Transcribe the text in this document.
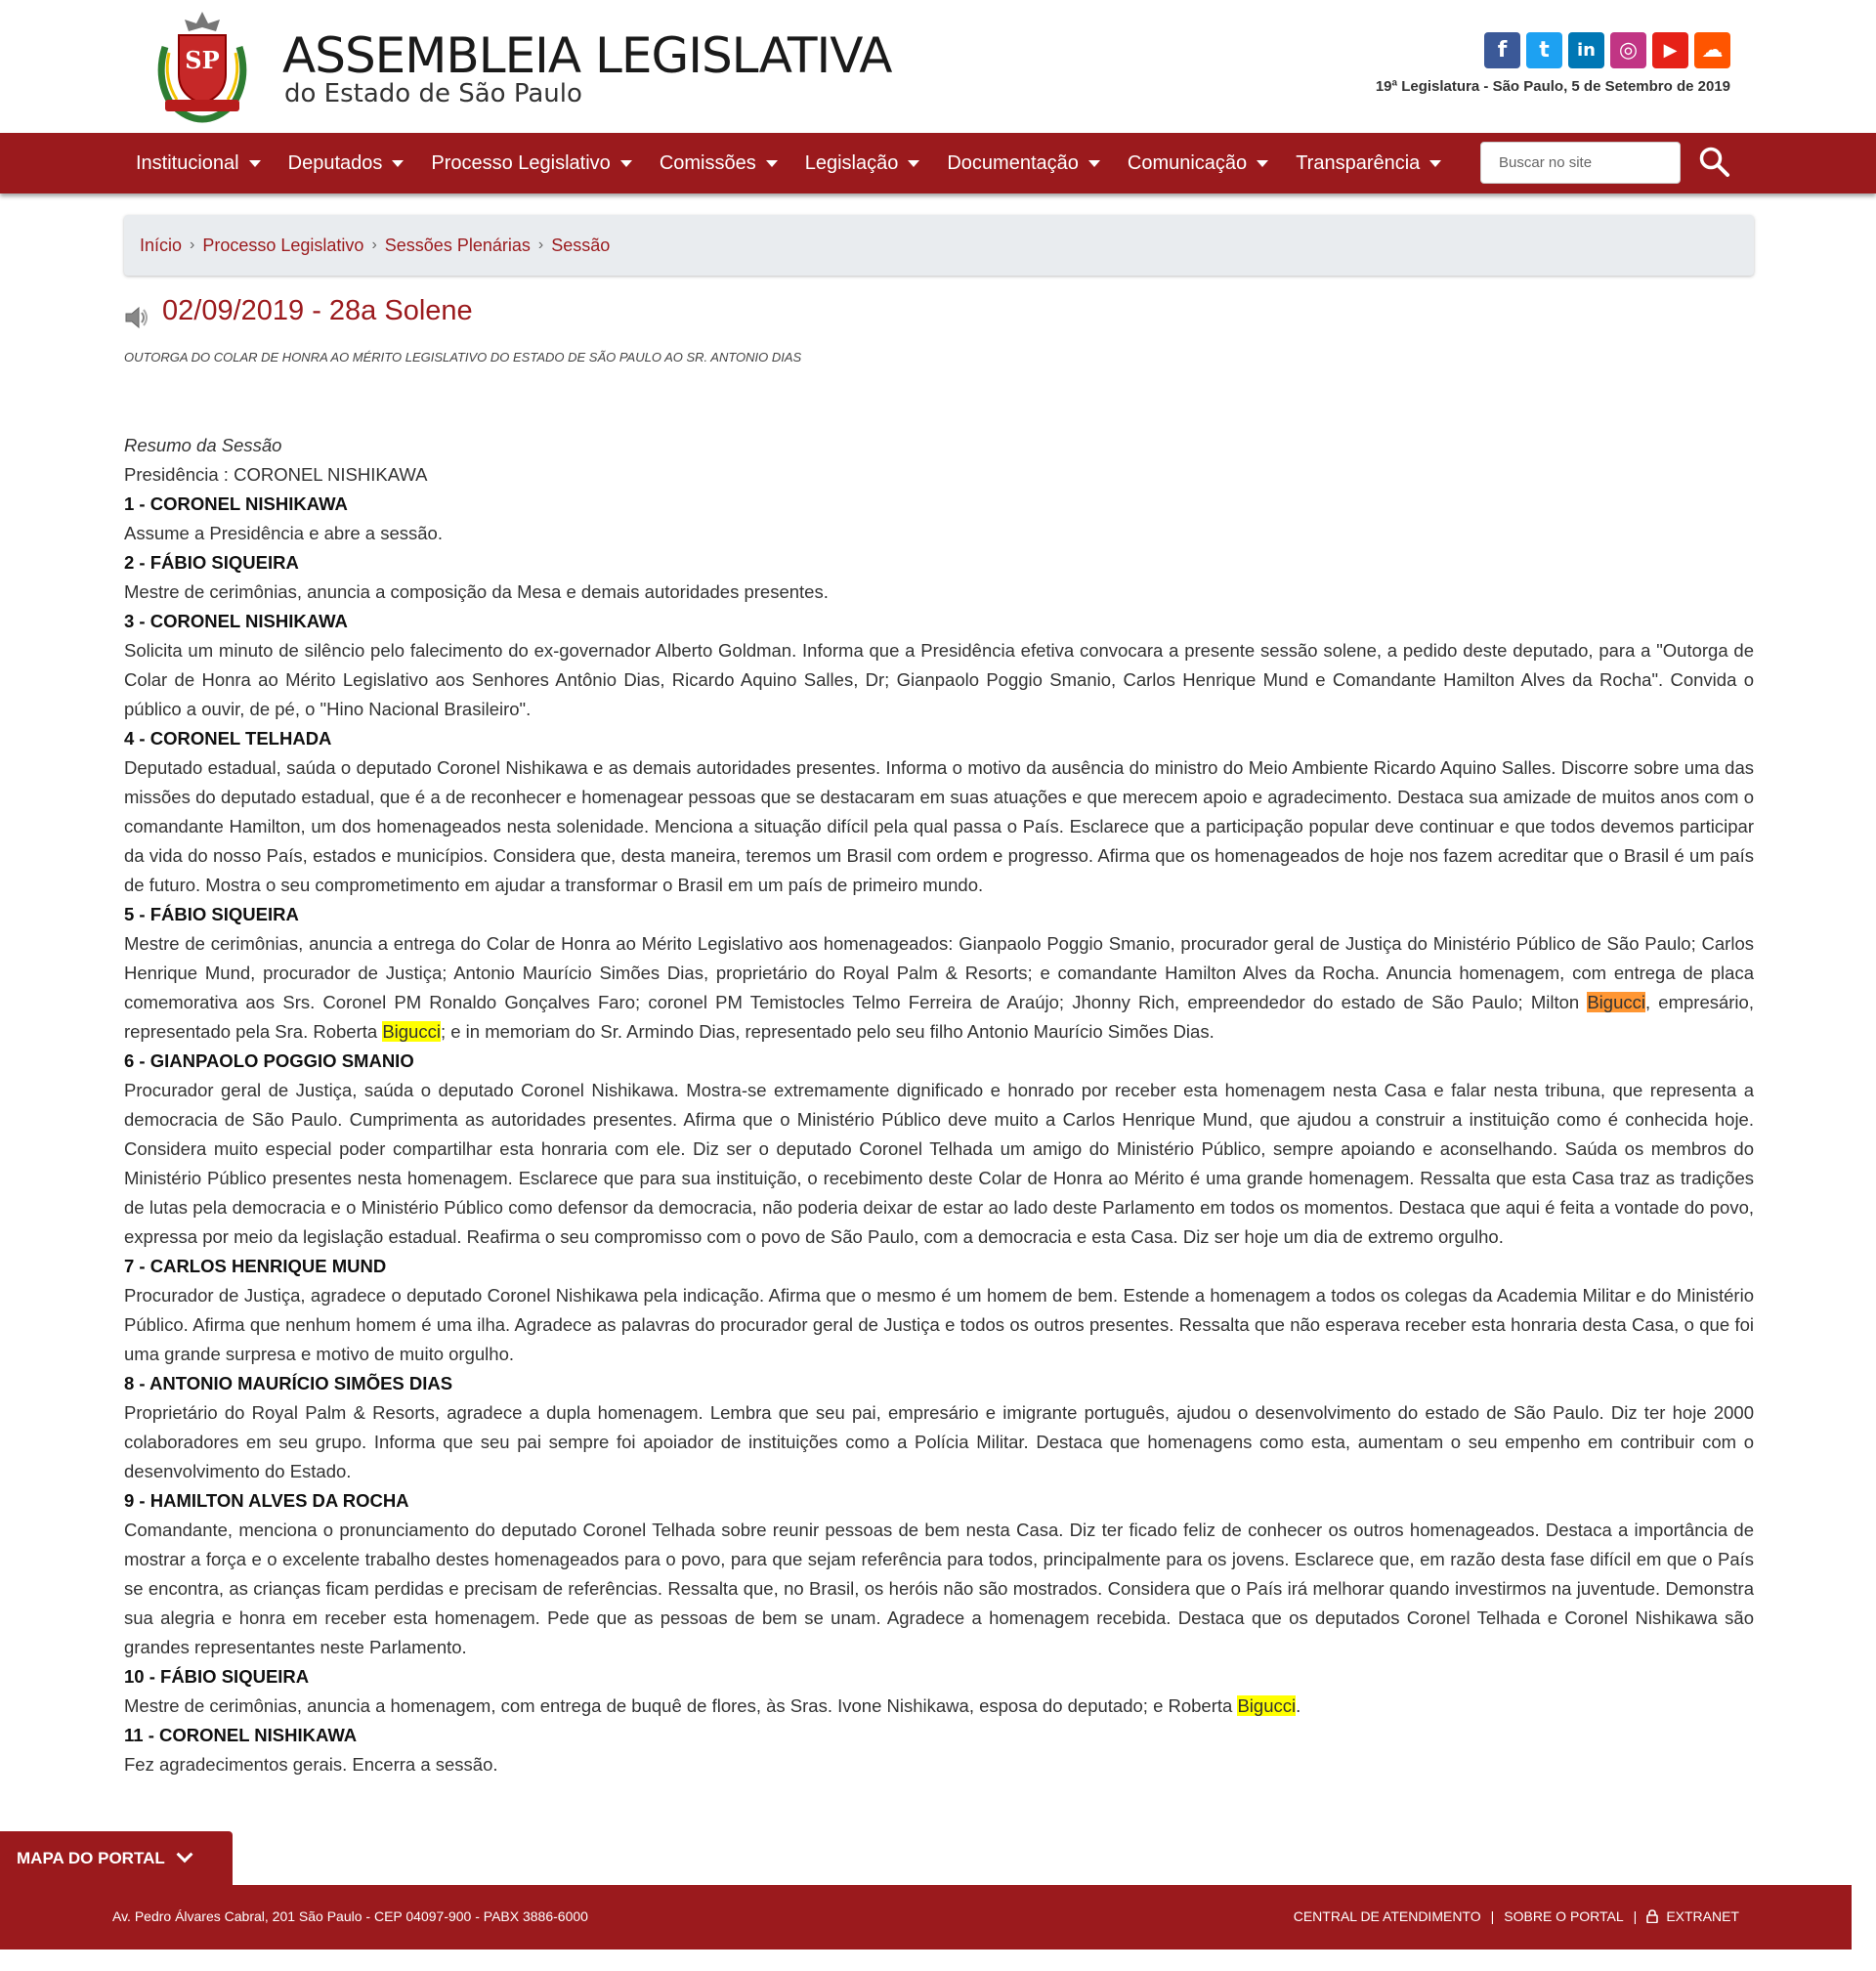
SP ASSEMBLEIA LEGISLATIVA
do Estado de São Paulo
f	t	in	◎	▶	☁
19ª Legislatura - São Paulo, 5 de Setembro de 2019
Institucional	Deputados	Processo Legislativo	Comissões	Legislação	Documentação	Comunicação	Transparência
Buscar no site
Início › Processo Legislativo › Sessões Plenárias › Sessão
02/09/2019 - 28a Solene
OUTORGA DO COLAR DE HONRA AO MÉRITO LEGISLATIVO DO ESTADO DE SÃO PAULO AO SR. ANTONIO DIAS
Resumo da Sessão
Presidência : CORONEL NISHIKAWA
1 - CORONEL NISHIKAWA
Assume a Presidência e abre a sessão.
2 - FÁBIO SIQUEIRA
Mestre de cerimônias, anuncia a composição da Mesa e demais autoridades presentes.
3 - CORONEL NISHIKAWA
Solicita um minuto de silêncio pelo falecimento do ex-governador Alberto Goldman. Informa que a Presidência efetiva convocara a presente sessão solene, a pedido deste deputado, para a "Outorga de Colar de Honra ao Mérito Legislativo aos Senhores Antônio Dias, Ricardo Aquino Salles, Dr; Gianpaolo Poggio Smanio, Carlos Henrique Mund e Comandante Hamilton Alves da Rocha". Convida o público a ouvir, de pé, o "Hino Nacional Brasileiro".
4 - CORONEL TELHADA
Deputado estadual, saúda o deputado Coronel Nishikawa e as demais autoridades presentes. Informa o motivo da ausência do ministro do Meio Ambiente Ricardo Aquino Salles. Discorre sobre uma das missões do deputado estadual, que é a de reconhecer e homenagear pessoas que se destacaram em suas atuações e que merecem apoio e agradecimento. Destaca sua amizade de muitos anos com o comandante Hamilton, um dos homenageados nesta solenidade. Menciona a situação difícil pela qual passa o País. Esclarece que a participação popular deve continuar e que todos devemos participar da vida do nosso País, estados e municípios. Considera que, desta maneira, teremos um Brasil com ordem e progresso. Afirma que os homenageados de hoje nos fazem acreditar que o Brasil é um país de futuro. Mostra o seu comprometimento em ajudar a transformar o Brasil em um país de primeiro mundo.
5 - FÁBIO SIQUEIRA
Mestre de cerimônias, anuncia a entrega do Colar de Honra ao Mérito Legislativo aos homenageados: Gianpaolo Poggio Smanio, procurador geral de Justiça do Ministério Público de São Paulo; Carlos Henrique Mund, procurador de Justiça; Antonio Maurício Simões Dias, proprietário do Royal Palm & Resorts; e comandante Hamilton Alves da Rocha. Anuncia homenagem, com entrega de placa comemorativa aos Srs. Coronel PM Ronaldo Gonçalves Faro; coronel PM Temistocles Telmo Ferreira de Araújo; Jhonny Rich, empreendedor do estado de São Paulo; Milton Bigucci, empresário, representado pela Sra. Roberta Bigucci; e in memoriam do Sr. Armindo Dias, representado pelo seu filho Antonio Maurício Simões Dias.
6 - GIANPAOLO POGGIO SMANIO
Procurador geral de Justiça, saúda o deputado Coronel Nishikawa. Mostra-se extremamente dignificado e honrado por receber esta homenagem nesta Casa e falar nesta tribuna, que representa a democracia de São Paulo. Cumprimenta as autoridades presentes. Afirma que o Ministério Público deve muito a Carlos Henrique Mund, que ajudou a construir a instituição como é conhecida hoje. Considera muito especial poder compartilhar esta honraria com ele. Diz ser o deputado Coronel Telhada um amigo do Ministério Público, sempre apoiando e aconselhando. Saúda os membros do Ministério Público presentes nesta homenagem. Esclarece que para sua instituição, o recebimento deste Colar de Honra ao Mérito é uma grande homenagem. Ressalta que esta Casa traz as tradições de lutas pela democracia e o Ministério Público como defensor da democracia, não poderia deixar de estar ao lado deste Parlamento em todos os momentos. Destaca que aqui é feita a vontade do povo, expressa por meio da legislação estadual. Reafirma o seu compromisso com o povo de São Paulo, com a democracia e esta Casa. Diz ser hoje um dia de extremo orgulho.
7 - CARLOS HENRIQUE MUND
Procurador de Justiça, agradece o deputado Coronel Nishikawa pela indicação. Afirma que o mesmo é um homem de bem. Estende a homenagem a todos os colegas da Academia Militar e do Ministério Público. Afirma que nenhum homem é uma ilha. Agradece as palavras do procurador geral de Justiça e todos os outros presentes. Ressalta que não esperava receber esta honraria desta Casa, o que foi uma grande surpresa e motivo de muito orgulho.
8 - ANTONIO MAURÍCIO SIMÕES DIAS
Proprietário do Royal Palm & Resorts, agradece a dupla homenagem. Lembra que seu pai, empresário e imigrante português, ajudou o desenvolvimento do estado de São Paulo. Diz ter hoje 2000 colaboradores em seu grupo. Informa que seu pai sempre foi apoiador de instituições como a Polícia Militar. Destaca que homenagens como esta, aumentam o seu empenho em contribuir com o desenvolvimento do Estado.
9 - HAMILTON ALVES DA ROCHA
Comandante, menciona o pronunciamento do deputado Coronel Telhada sobre reunir pessoas de bem nesta Casa. Diz ter ficado feliz de conhecer os outros homenageados. Destaca a importância de mostrar a força e o excelente trabalho destes homenageados para o povo, para que sejam referência para todos, principalmente para os jovens. Esclarece que, em razão desta fase difícil em que o País se encontra, as crianças ficam perdidas e precisam de referências. Ressalta que, no Brasil, os heróis não são mostrados. Considera que o País irá melhorar quando investirmos na juventude. Demonstra sua alegria e honra em receber esta homenagem. Pede que as pessoas de bem se unam. Agradece a homenagem recebida. Destaca que os deputados Coronel Telhada e Coronel Nishikawa são grandes representantes neste Parlamento.
10 - FÁBIO SIQUEIRA
Mestre de cerimônias, anuncia a homenagem, com entrega de buquê de flores, às Sras. Ivone Nishikawa, esposa do deputado; e Roberta Bigucci.
11 - CORONEL NISHIKAWA
Fez agradecimentos gerais. Encerra a sessão.
MAPA DO PORTAL
Av. Pedro Álvares Cabral, 201 São Paulo - CEP 04097-900 - PABX 3886-6000	CENTRAL DE ATENDIMENTO | SOBRE O PORTAL |	EXTRANET
